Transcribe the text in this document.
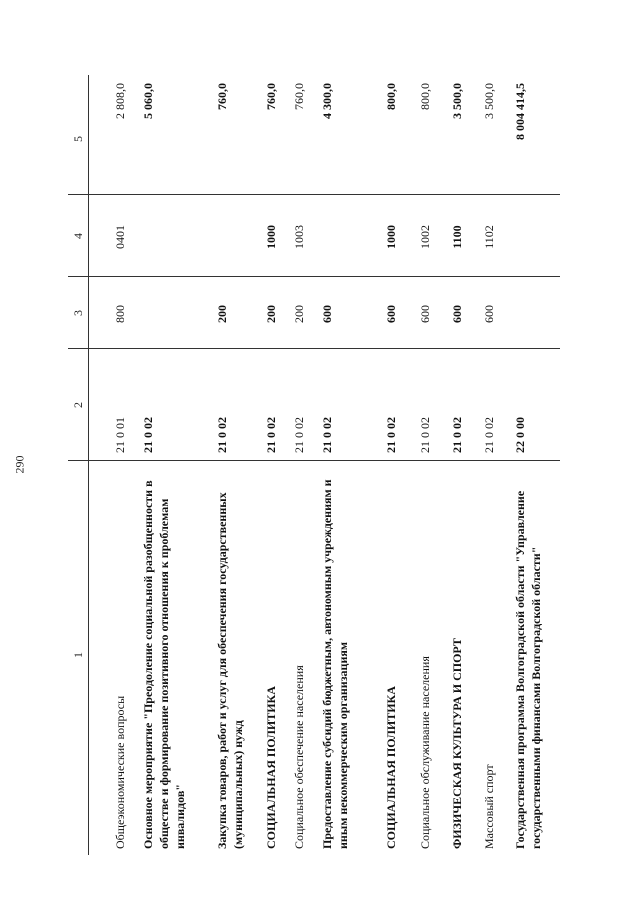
290
1
2
3
4
5
Общеэкономические вопросы
21 0 01
800
0401
2 808,0
Основное мероприятие "Преодоление социальной разобщенности в обществе и формирование позитивного отношения к проблемам инвалидов"
21 0 02
5 060,0
Закупка товаров, работ и услуг для обеспечения государственных (муниципальных) нужд
21 0 02
200
760,0
СОЦИАЛЬНАЯ ПОЛИТИКА
21 0 02
200
1000
760,0
Социальное обеспечение населения
21 0 02
200
1003
760,0
Предоставление субсидий бюджетным, автономным учреждениям и иным некоммерческим организациям
21 0 02
600
4 300,0
СОЦИАЛЬНАЯ ПОЛИТИКА
21 0 02
600
1000
800,0
Социальное обслуживание населения
21 0 02
600
1002
800,0
ФИЗИЧЕСКАЯ КУЛЬТУРА И СПОРТ
21 0 02
600
1100
3 500,0
Массовый спорт
21 0 02
600
1102
3 500,0
Государственная программа Волгоградской области "Управление государственными финансами Волгоградской области"
22 0 00
8 004 414,5
